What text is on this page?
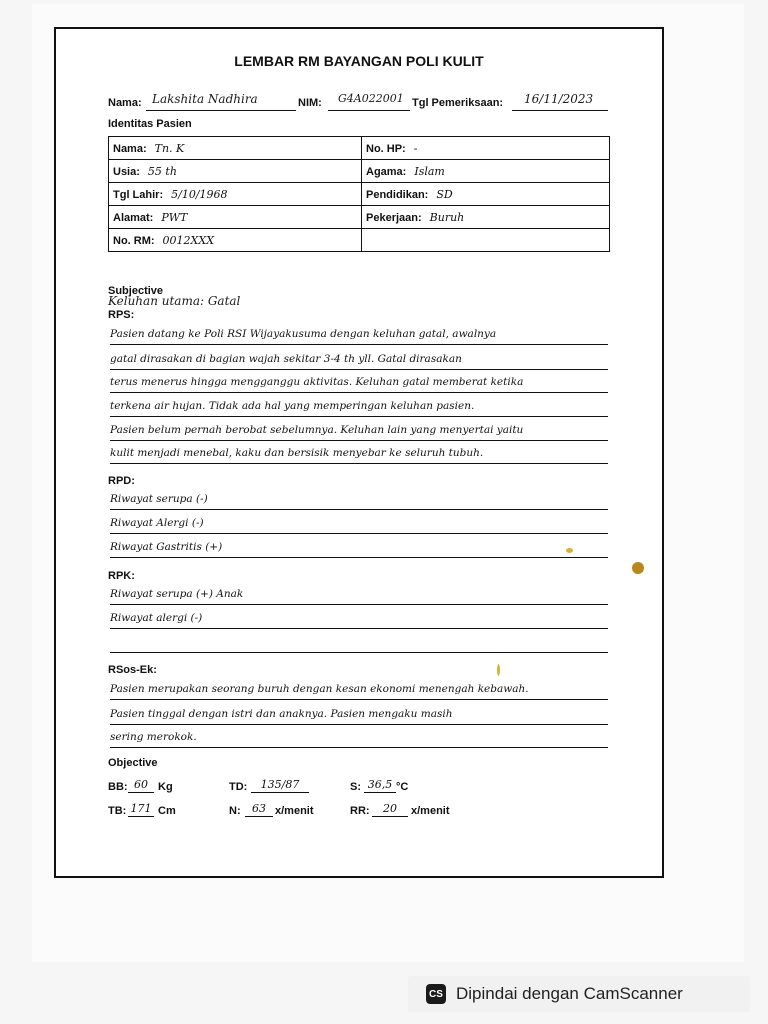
LEMBAR RM BAYANGAN POLI KULIT
Nama: Lakshita Nadhira	NIM: G4A022001 Tgl Pemeriksaan: 16/11/2023
Identitas Pasien
Nama: Tn. K	No. HP: -
Usia: 55 th	Agama: Islam
Tgl Lahir: 5/10/1968	Pendidikan: SD
Alamat: PWT	Pekerjaan: Buruh
No. RM: 0012XXX	
Subjective
Keluhan utama: Gatal
RPS:
Pasien datang ke Poli RSI Wijayakusuma dengan keluhan gatal, awalnya
gatal dirasakan di bagian wajah sekitar 3-4 th yll. Gatal dirasakan
terus menerus hingga mengganggu aktivitas. Keluhan gatal memberat ketika
terkena air hujan. Tidak ada hal yang memperingan keluhan pasien.
Pasien belum pernah berobat sebelumnya. Keluhan lain yang menyertai yaitu
kulit menjadi menebal, kaku dan bersisik menyebar ke seluruh tubuh.
RPD:
Riwayat serupa (-)
Riwayat Alergi (-)
Riwayat Gastritis (+)
RPK:
Riwayat serupa (+) Anak
Riwayat alergi (-)
RSos-Ek:
Pasien merupakan seorang buruh dengan kesan ekonomi menengah kebawah.
Pasien tinggal dengan istri dan anaknya. Pasien mengaku masih
sering merokok.
Objective
BB: 60 Kg	TD:	135/87	S: 36,5 °C
TB: 171 Cm	N:	63 x/menit	RR:	20	x/menit
CS Dipindai dengan CamScanner
